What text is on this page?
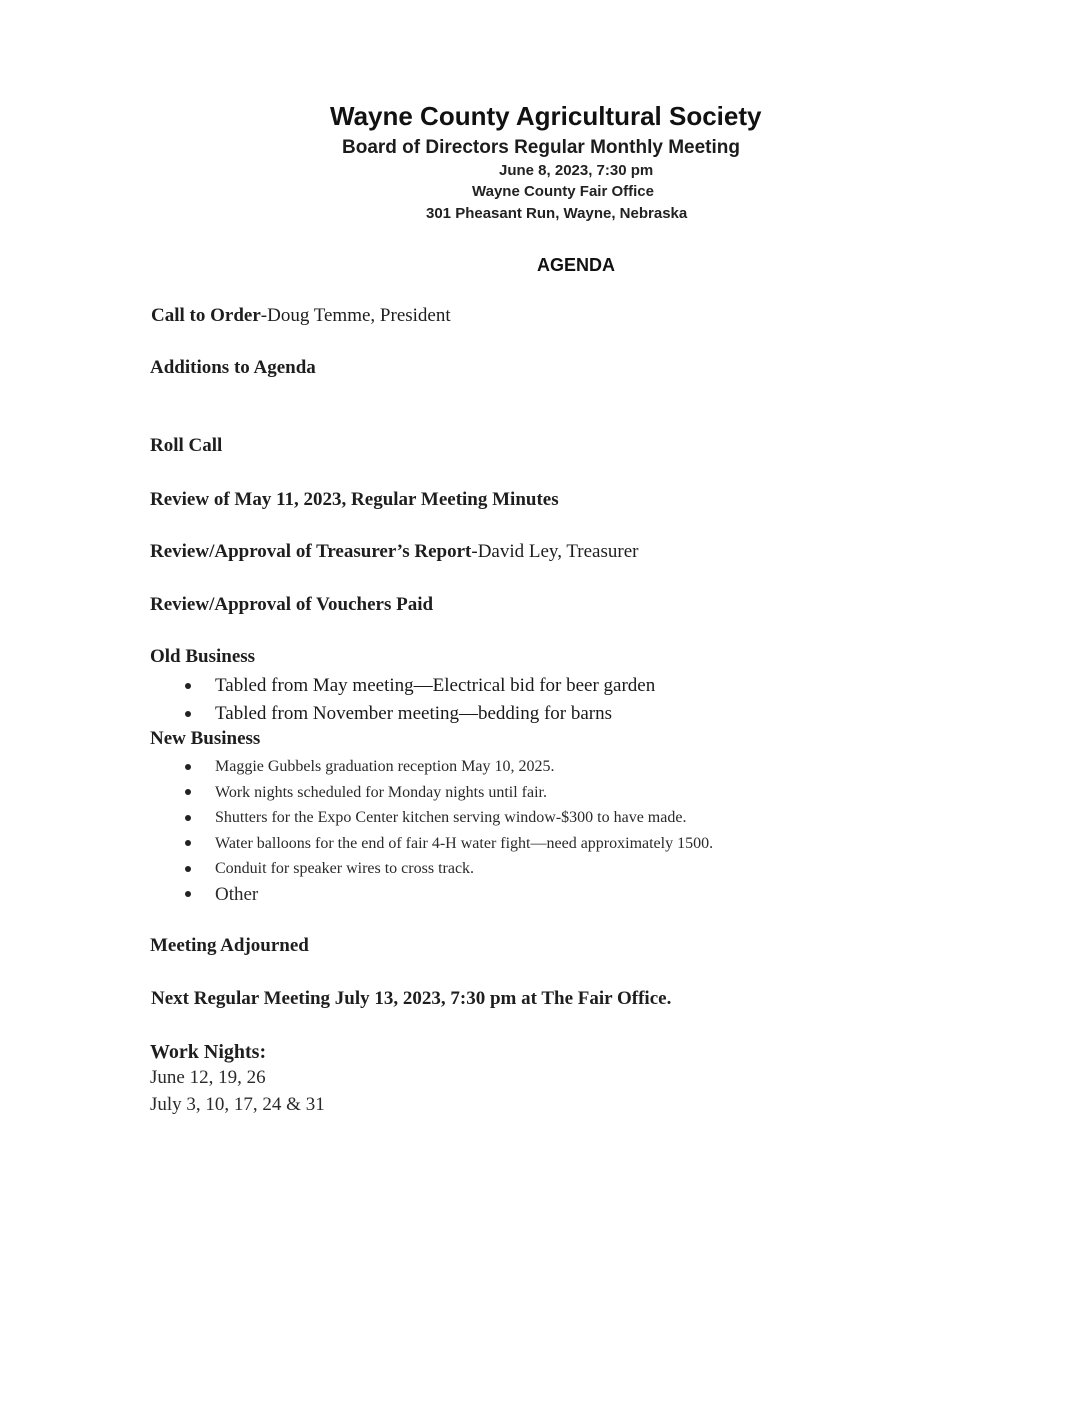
Wayne County Agricultural Society
Board of Directors Regular Monthly Meeting
June 8, 2023, 7:30 pm
Wayne County Fair Office
301 Pheasant Run, Wayne, Nebraska
AGENDA
Call to Order-Doug Temme, President
Additions to Agenda
Roll Call
Review of May 11, 2023, Regular Meeting Minutes
Review/Approval of Treasurer’s Report-David Ley, Treasurer
Review/Approval of Vouchers Paid
Old Business
Tabled from May meeting—Electrical bid for beer garden
Tabled from November meeting—bedding for barns
New Business
Maggie Gubbels graduation reception May 10, 2025.
Work nights scheduled for Monday nights until fair.
Shutters for the Expo Center kitchen serving window-$300 to have made.
Water balloons for the end of fair 4-H water fight—need approximately 1500.
Conduit for speaker wires to cross track.
Other
Meeting Adjourned
Next Regular Meeting July 13, 2023, 7:30 pm at The Fair Office.
Work Nights:
June 12, 19, 26
July 3, 10, 17, 24 & 31
